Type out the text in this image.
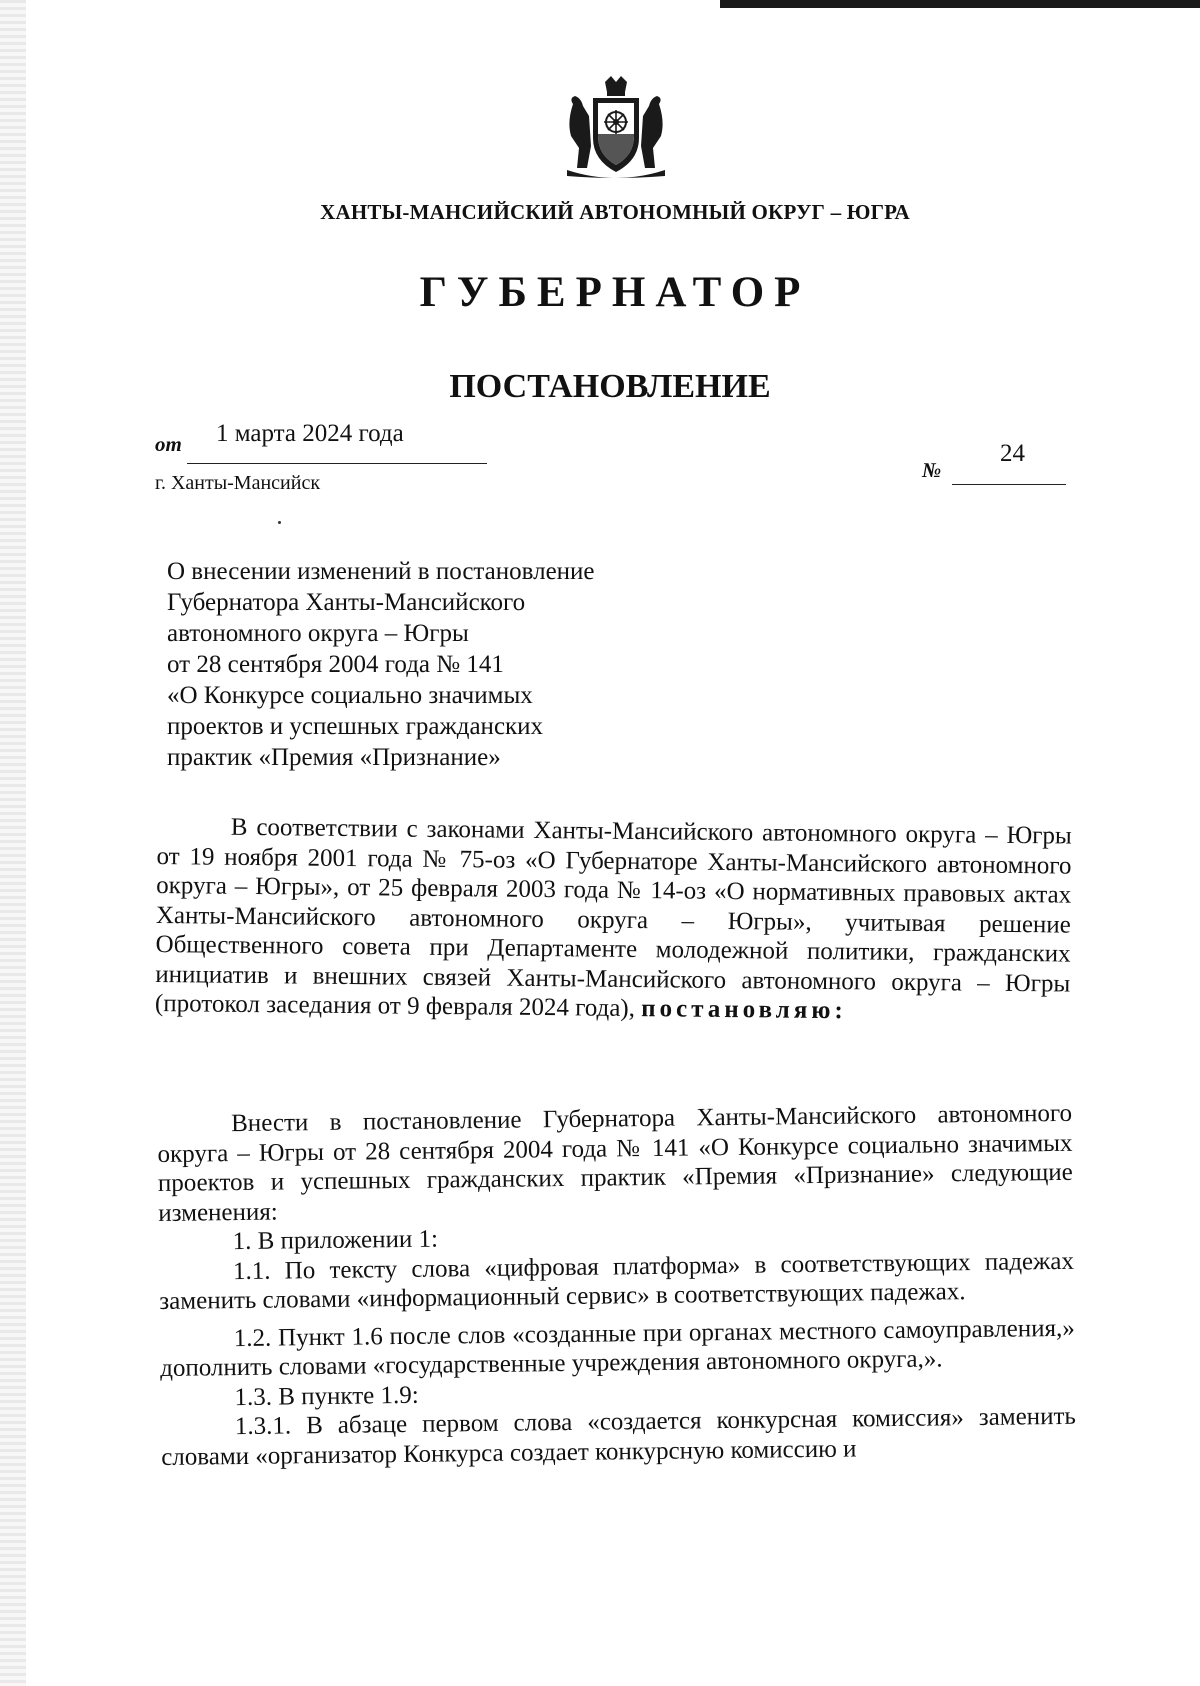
ХАНТЫ-МАНСИЙСКИЙ АВТОНОМНЫЙ ОКРУГ – ЮГРА
ГУБЕРНАТОР
ПОСТАНОВЛЕНИЕ
от 1 марта 2024 года
г. Ханты-Мансийск
№
24
О внесении изменений в постановление
Губернатора Ханты-Мансийского
автономного округа – Югры
от 28 сентября 2004 года № 141
«О Конкурсе социально значимых
проектов и успешных гражданских
практик «Премия «Признание»

В соответствии с законами Ханты-Мансийского автономного округа – Югры от 19 ноября 2001 года № 75-оз «О Губернаторе Ханты-Мансийского автономного округа – Югры», от 25 февраля 2003 года № 14-оз «О нормативных правовых актах Ханты-Мансийского автономного округа – Югры», учитывая решение Общественного совета при Департаменте молодежной политики, гражданских инициатив и внешних связей Ханты-Мансийского автономного округа – Югры (протокол заседания от 9 февраля 2024 года), постановляю:

Внести в постановление Губернатора Ханты-Мансийского автономного округа – Югры от 28 сентября 2004 года № 141 «О Конкурсе социально значимых проектов и успешных гражданских практик «Премия «Признание» следующие изменения:

1. В приложении 1:

1.1. По тексту слова «цифровая платформа» в соответствующих падежах заменить словами «информационный сервис» в соответствующих падежах.

1.2. Пункт 1.6 после слов «созданные при органах местного самоуправления,» дополнить словами «государственные учреждения автономного округа,».

1.3. В пункте 1.9:

1.3.1. В абзаце первом слова «создается конкурсная комиссия» заменить словами «организатор Конкурса создает конкурсную комиссию и
